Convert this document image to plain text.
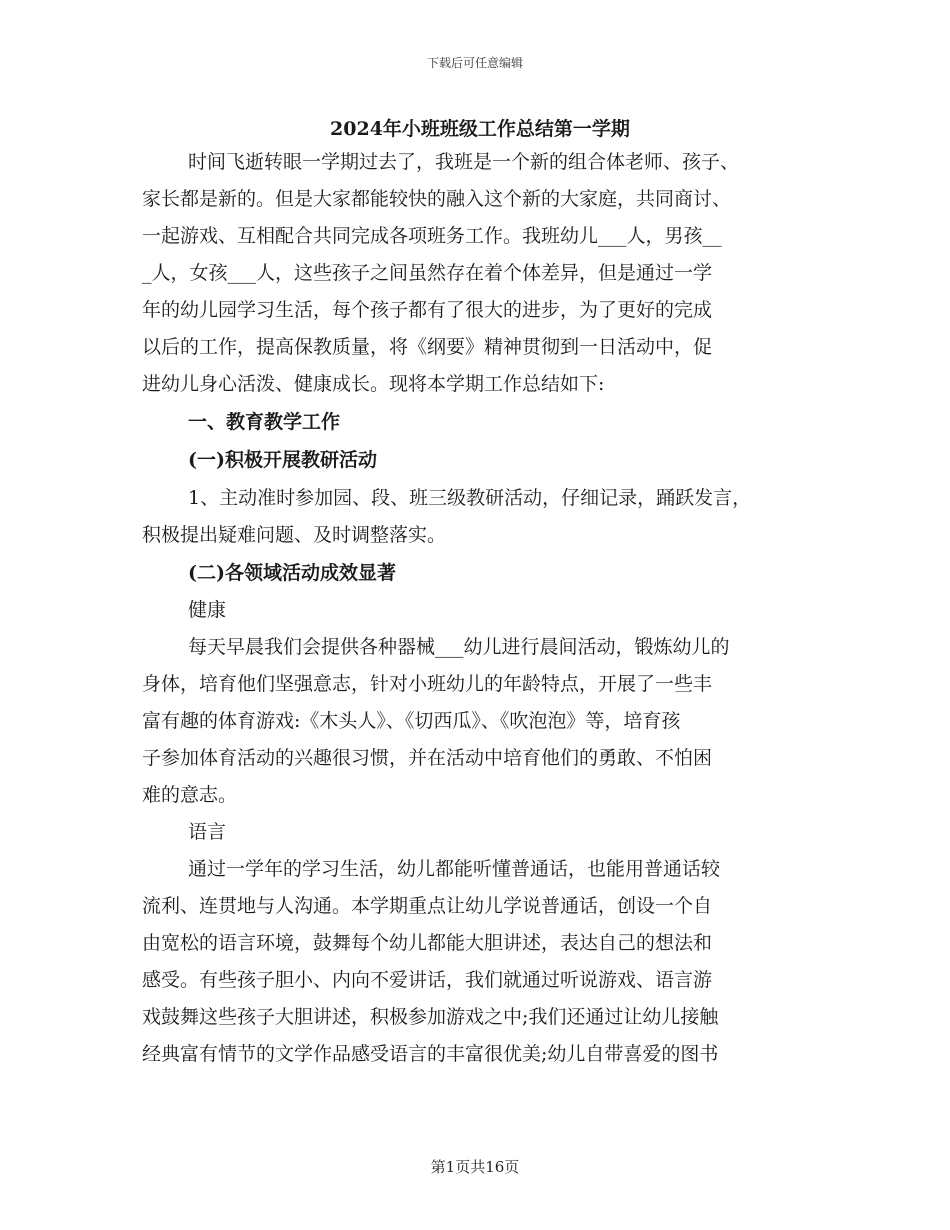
下载后可任意编辑
2024年小班班级工作总结第一学期
时间飞逝转眼一学期过去了，我班是一个新的组合体老师、孩子、
家长都是新的。但是大家都能较快的融入这个新的大家庭，共同商讨、
一起游戏、互相配合共同完成各项班务工作。我班幼儿___人，男孩__
_人，女孩___人，这些孩子之间虽然存在着个体差异，但是通过一学
年的幼儿园学习生活，每个孩子都有了很大的进步，为了更好的完成
以后的工作，提高保教质量，将《纲要》精神贯彻到一日活动中，促
进幼儿身心活泼、健康成长。现将本学期工作总结如下:
一、教育教学工作
(一)积极开展教研活动
1、主动准时参加园、段、班三级教研活动，仔细记录，踊跃发言，
积极提出疑难问题、及时调整落实。
(二)各领域活动成效显著
健康
每天早晨我们会提供各种器械___幼儿进行晨间活动，锻炼幼儿的
身体，培育他们坚强意志，针对小班幼儿的年龄特点，开展了一些丰
富有趣的体育游戏:《木头人》、《切西瓜》、《吹泡泡》等，培育孩
子参加体育活动的兴趣很习惯，并在活动中培育他们的勇敢、不怕困
难的意志。
语言
通过一学年的学习生活，幼儿都能听懂普通话，也能用普通话较
流利、连贯地与人沟通。本学期重点让幼儿学说普通话，创设一个自
由宽松的语言环境，鼓舞每个幼儿都能大胆讲述，表达自己的想法和
感受。有些孩子胆小、内向不爱讲话，我们就通过听说游戏、语言游
戏鼓舞这些孩子大胆讲述，积极参加游戏之中;我们还通过让幼儿接触
经典富有情节的文学作品感受语言的丰富很优美;幼儿自带喜爱的图书
第1页共16页
